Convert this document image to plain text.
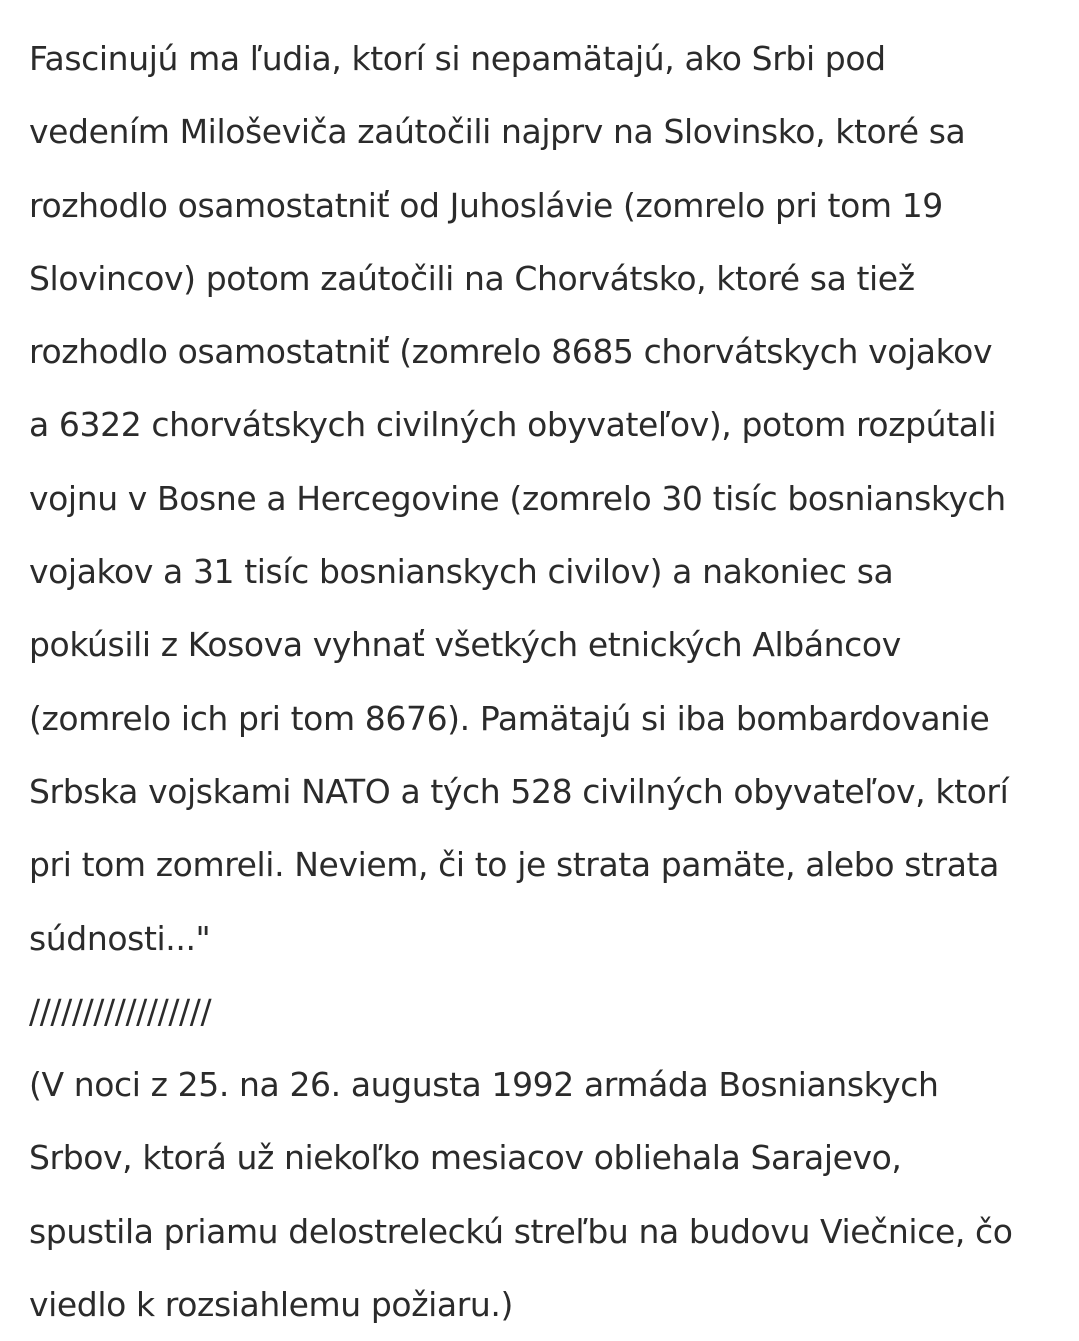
Fascinujú ma ľudia, ktorí si nepamätajú, ako Srbi pod
vedením Miloševiča zaútočili najprv na Slovinsko, ktoré sa
rozhodlo osamostatniť od Juhoslávie (zomrelo pri tom 19
Slovincov) potom zaútočili na Chorvátsko, ktoré sa tiež
rozhodlo osamostatniť (zomrelo 8685 chorvátskych vojakov
a 6322 chorvátskych civilných obyvateľov), potom rozpútali
vojnu v Bosne a Hercegovine (zomrelo 30 tisíc bosnianskych
vojakov a 31 tisíc bosnianskych civilov) a nakoniec sa
pokúsili z Kosova vyhnať všetkých etnických Albáncov
(zomrelo ich pri tom 8676). Pamätajú si iba bombardovanie
Srbska vojskami NATO a tých 528 civilných obyvateľov, ktorí
pri tom zomreli. Neviem, či to je strata pamäte, alebo strata
súdnosti..."
/////////////////
(V noci z 25. na 26. augusta 1992 armáda Bosnianskych
Srbov, ktorá už niekoľko mesiacov obliehala Sarajevo,
spustila priamu delostreleckú streľbu na budovu Viečnice, čo
viedlo k rozsiahlemu požiaru.)
